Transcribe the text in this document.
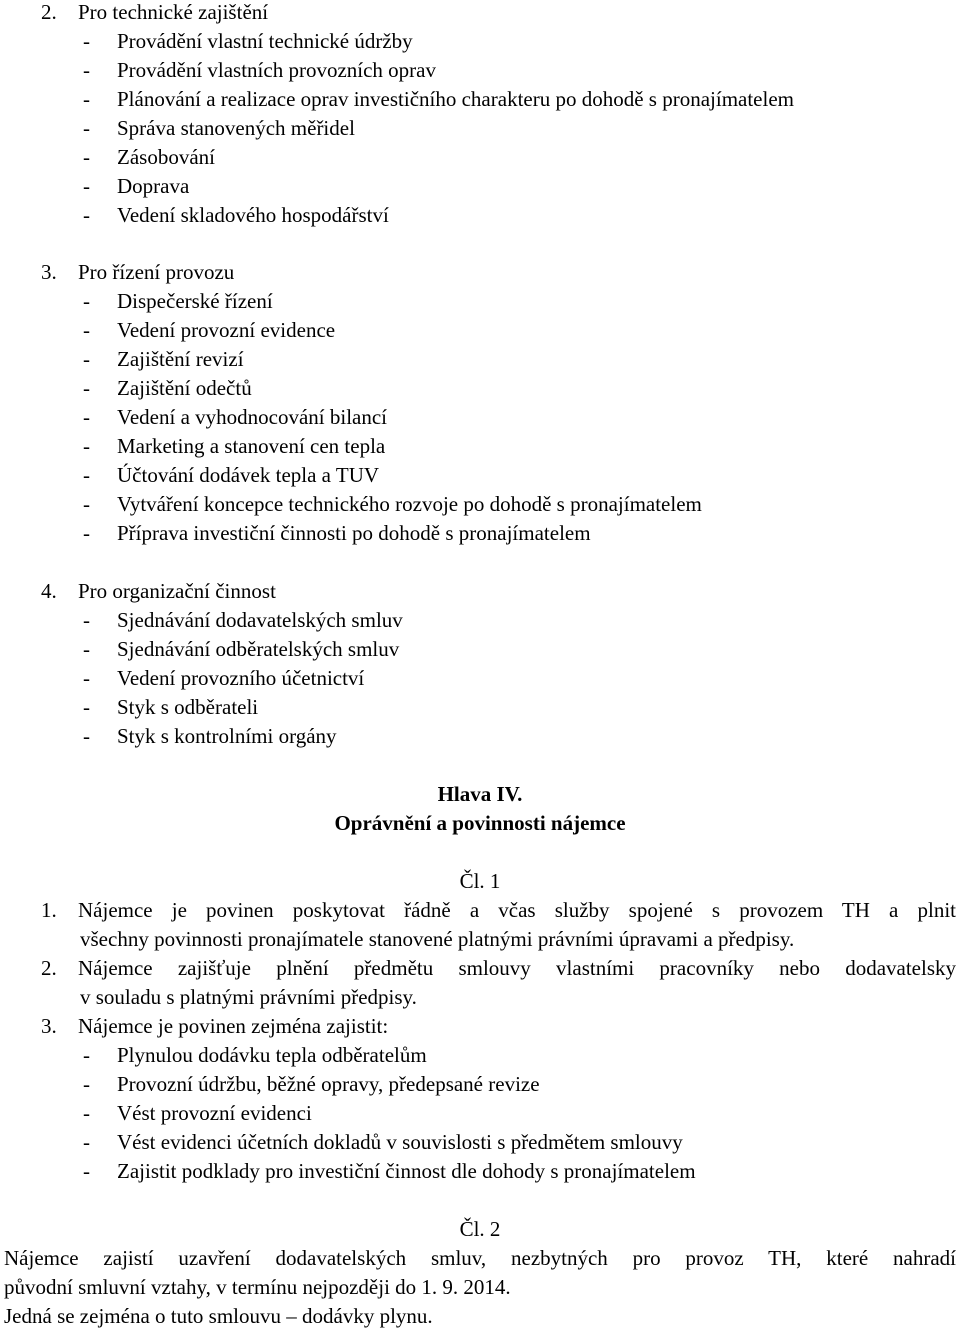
2. Pro technické zajištění
- Provádění vlastní technické údržby
- Provádění vlastních provozních oprav
- Plánování a realizace oprav investičního charakteru po dohodě s pronajímatelem
- Správa stanovených měřidel
- Zásobování
- Doprava
- Vedení skladového hospodářství
3. Pro řízení provozu
- Dispečerské řízení
- Vedení provozní evidence
- Zajištění revizí
- Zajištění odečtů
- Vedení a vyhodnocování bilancí
- Marketing a stanovení cen tepla
- Účtování dodávek tepla a TUV
- Vytváření koncepce technického rozvoje po dohodě s pronajímatelem
- Příprava investiční činnosti po dohodě s pronajímatelem
4. Pro organizační činnost
- Sjednávání dodavatelských smluv
- Sjednávání odběratelských smluv
- Vedení provozního účetnictví
- Styk s odběrateli
- Styk s kontrolními orgány
Hlava IV.
Oprávnění a povinnosti nájemce
Čl. 1
1. Nájemce je povinen poskytovat řádně a včas služby spojené s provozem TH a plnit
všechny povinnosti pronajímatele stanovené platnými právními úpravami a předpisy.
2. Nájemce zajišťuje plnění předmětu smlouvy vlastními pracovníky nebo dodavatelsky
v souladu s platnými právními předpisy.
3. Nájemce je povinen zejména zajistit:
- Plynulou dodávku tepla odběratelům
- Provozní údržbu, běžné opravy, předepsané revize
- Vést provozní evidenci
- Vést evidenci účetních dokladů v souvislosti s předmětem smlouvy
- Zajistit podklady pro investiční činnost dle dohody s pronajímatelem
Čl. 2
Nájemce zajistí uzavření dodavatelských smluv, nezbytných pro provoz TH, které nahradí
původní smluvní vztahy, v termínu nejpozději do 1. 9. 2014.
Jedná se zejména o tuto smlouvu – dodávky plynu.
